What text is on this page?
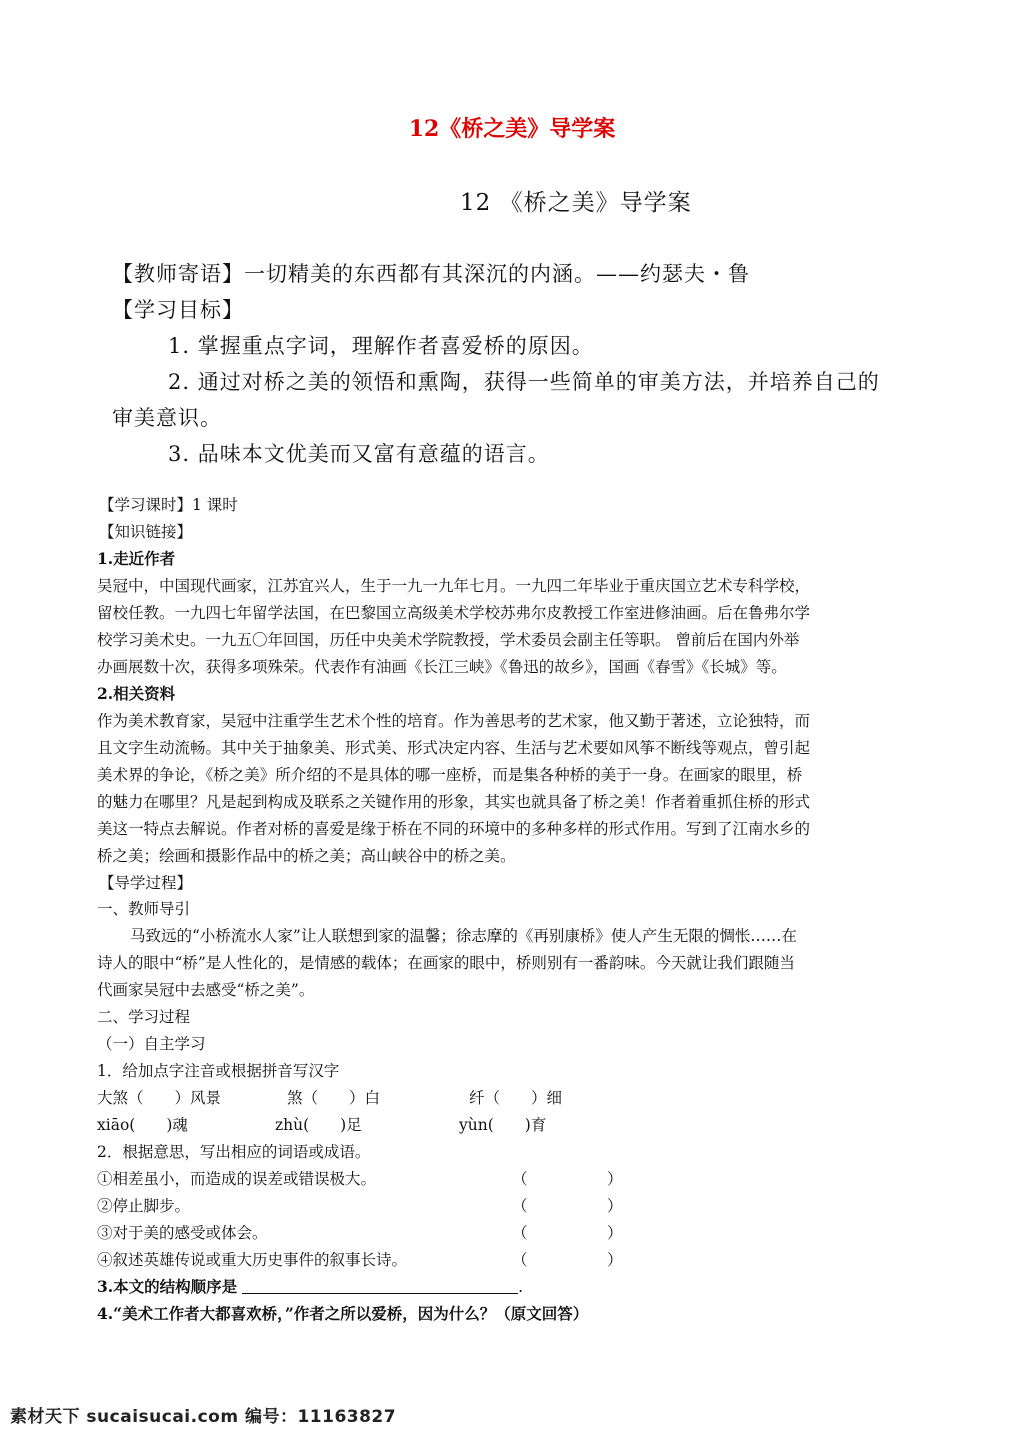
12《桥之美》导学案
12 《桥之美》导学案
【教师寄语】一切精美的东西都有其深沉的内涵。——约瑟夫・鲁
【学习目标】
1. 掌握重点字词，理解作者喜爱桥的原因。
2. 通过对桥之美的领悟和熏陶，获得一些简单的审美方法，并培养自己的
审美意识。
3. 品味本文优美而又富有意蕴的语言。
【学习课时】1 课时
【知识链接】
1.走近作者
吴冠中，中国现代画家，江苏宜兴人，生于一九一九年七月。一九四二年毕业于重庆国立艺术专科学校，
留校任教。一九四七年留学法国，在巴黎国立高级美术学校苏弗尔皮教授工作室进修油画。后在鲁弗尔学
校学习美术史。一九五〇年回国，历任中央美术学院教授，学术委员会副主任等职。 曾前后在国内外举
办画展数十次，获得多项殊荣。代表作有油画《长江三峡》《鲁迅的故乡》，国画《春雪》《长城》等。
2.相关资料
作为美术教育家，吴冠中注重学生艺术个性的培育。作为善思考的艺术家，他又勤于著述，立论独特，而
且文字生动流畅。其中关于抽象美、形式美、形式决定内容、生活与艺术要如风筝不断线等观点，曾引起
美术界的争论，《桥之美》所介绍的不是具体的哪一座桥，而是集各种桥的美于一身。在画家的眼里，桥
的魅力在哪里？凡是起到构成及联系之关键作用的形象，其实也就具备了桥之美！作者着重抓住桥的形式
美这一特点去解说。作者对桥的喜爱是缘于桥在不同的环境中的多种多样的形式作用。写到了江南水乡的
桥之美；绘画和摄影作品中的桥之美；高山峡谷中的桥之美。
【导学过程】
一、教师导引
马致远的“小桥流水人家”让人联想到家的温馨；徐志摩的《再别康桥》使人产生无限的惆怅……在
诗人的眼中“桥”是人性化的，是情感的载体；在画家的眼中，桥则别有一番韵味。今天就让我们跟随当
代画家吴冠中去感受“桥之美”。
二、学习过程
（一）自主学习
1．给加点字注音或根据拼音写汉字
大煞（　　）风景	煞（　　）白	纤（　　）细
xiāo(　　)魂	zhù(　　)足	yùn(　　)育
2．根据意思，写出相应的词语或成语。
①相差虽小，而造成的误差或错误极大。	（	）
②停止脚步。	（	）
③对于美的感受或体会。	（	）
④叙述英雄传说或重大历史事件的叙事长诗。	（	）
3.本文的结构顺序是	.
4.“美术工作者大都喜欢桥，”作者之所以爱桥，因为什么？（原文回答）
素材天下 sucaisucai.com 编号：11163827
